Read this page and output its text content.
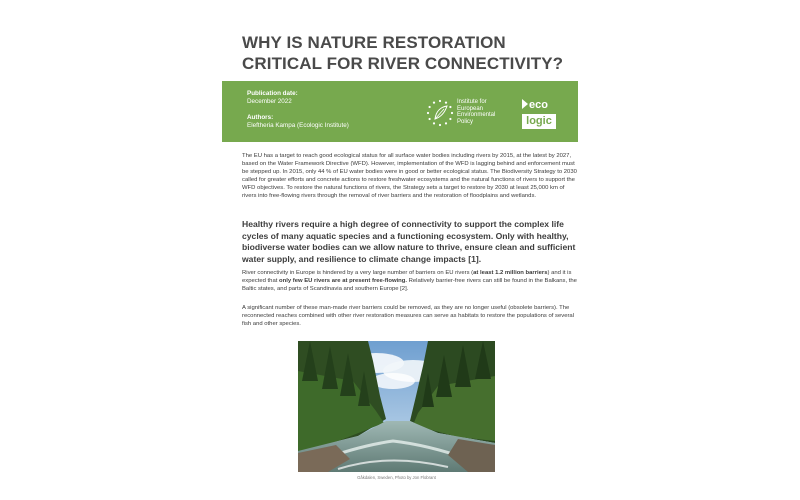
WHY IS NATURE RESTORATION
CRITICAL FOR RIVER CONNECTIVITY?
Publication date:
December 2022
Authors:
Eleftheria Kampa (Ecologic Institute)
Institute for
European
Environmental
Policy
eco
logic

The EU has a target to reach good ecological status for all surface water bodies including rivers by 2015, at the latest by 2027, based on the Water Framework Directive (WFD). However, implementation of the WFD is lagging behind and enforcement must be stepped up. In 2015, only 44 % of EU water bodies were in good or better ecological status. The Biodiversity Strategy to 2030 called for greater efforts and concrete actions to restore freshwater ecosystems and the natural functions of rivers to support the WFD objectives. To restore the natural functions of rivers, the Strategy sets a target to restore by 2030 at least 25,000 km of rivers into free-flowing rivers through the removal of river barriers and the restoration of floodplains and wetlands.

Healthy rivers require a high degree of connectivity to support the complex life cycles of many aquatic species and a functioning ecosystem. Only with healthy, biodiverse water bodies can we allow nature to thrive, ensure clean and sufficient water supply, and resilience to climate change impacts [1].

River connectivity in Europe is hindered by a very large number of barriers on EU rivers (at least 1.2 million barriers) and it is expected that only few EU rivers are at present free-flowing. Relatively barrier-free rivers can still be found in the Balkans, the Baltic states, and parts of Scandinavia and southern Europe [2].

A significant number of these man-made river barriers could be removed, as they are no longer useful (obsolete barriers). The reconnected reaches combined with other river restoration measures can serve as habitats to restore the populations of several fish and other species.

Gåkdalen, Sweden, Photo by Jon Flobrant
